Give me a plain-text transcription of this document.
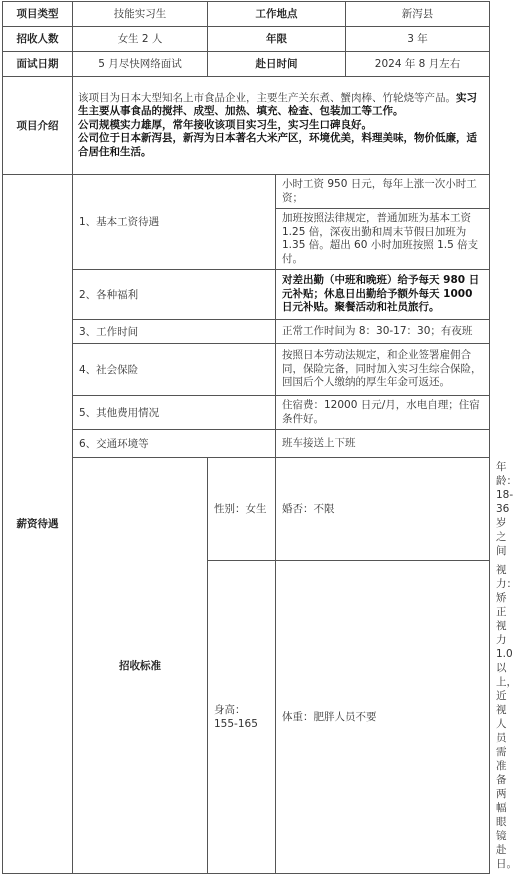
项目类型	技能实习生	工作地点		新泻县	
招收人数	女生 2 人	年限		3 年	
面试日期	5 月尽快网络面试	赴日时间		2024 年 8 月左右	
项目介绍	该项目为日本大型知名上市食品企业，主要生产关东煮、蟹肉棒、竹轮烧等产品。实习生主要从事食品的搅拌、成型、加热、填充、检查、包装加工等工作。
公司规模实力雄厚，常年接收该项目实习生，实习生口碑良好。
公司位于日本新泻县，新泻为日本著名大米产区，环境优美，料理美味，物价低廉，适合居住和生活。				
薪资待遇	1、基本工资待遇		小时工资 950 日元，每年上涨一次小时工资；		
			加班按照法律规定，普通加班为基本工资 1.25 倍，深夜出勤和周末节假日加班为 1.35 倍。超出 60 小时加班按照 1.5 倍支付。		
	2、各种福利		对差出勤（中班和晚班）给予每天 980 日元补贴；休息日出勤给予额外每天 1000 日元补贴。聚餐活动和社员旅行。		
	3、工作时间		正常工作时间为 8：30-17：30；有夜班		
	4、社会保险		按照日本劳动法规定，和企业签署雇佣合同，保险完备，同时加入实习生综合保险，回国后个人缴纳的厚生年金可返还。		
	5、其他费用情况		住宿费：12000 日元/月，水电自理；住宿条件好。		
	6、交通环境等		班车接送上下班		
	招收标准	性别：女生	婚否：不限		年龄：18-36 岁之间
		身高：155-165	体重：肥胖人员不要		视力：矫正视力 1.0 以上，近视人员需准备两幅眼镜赴日。
